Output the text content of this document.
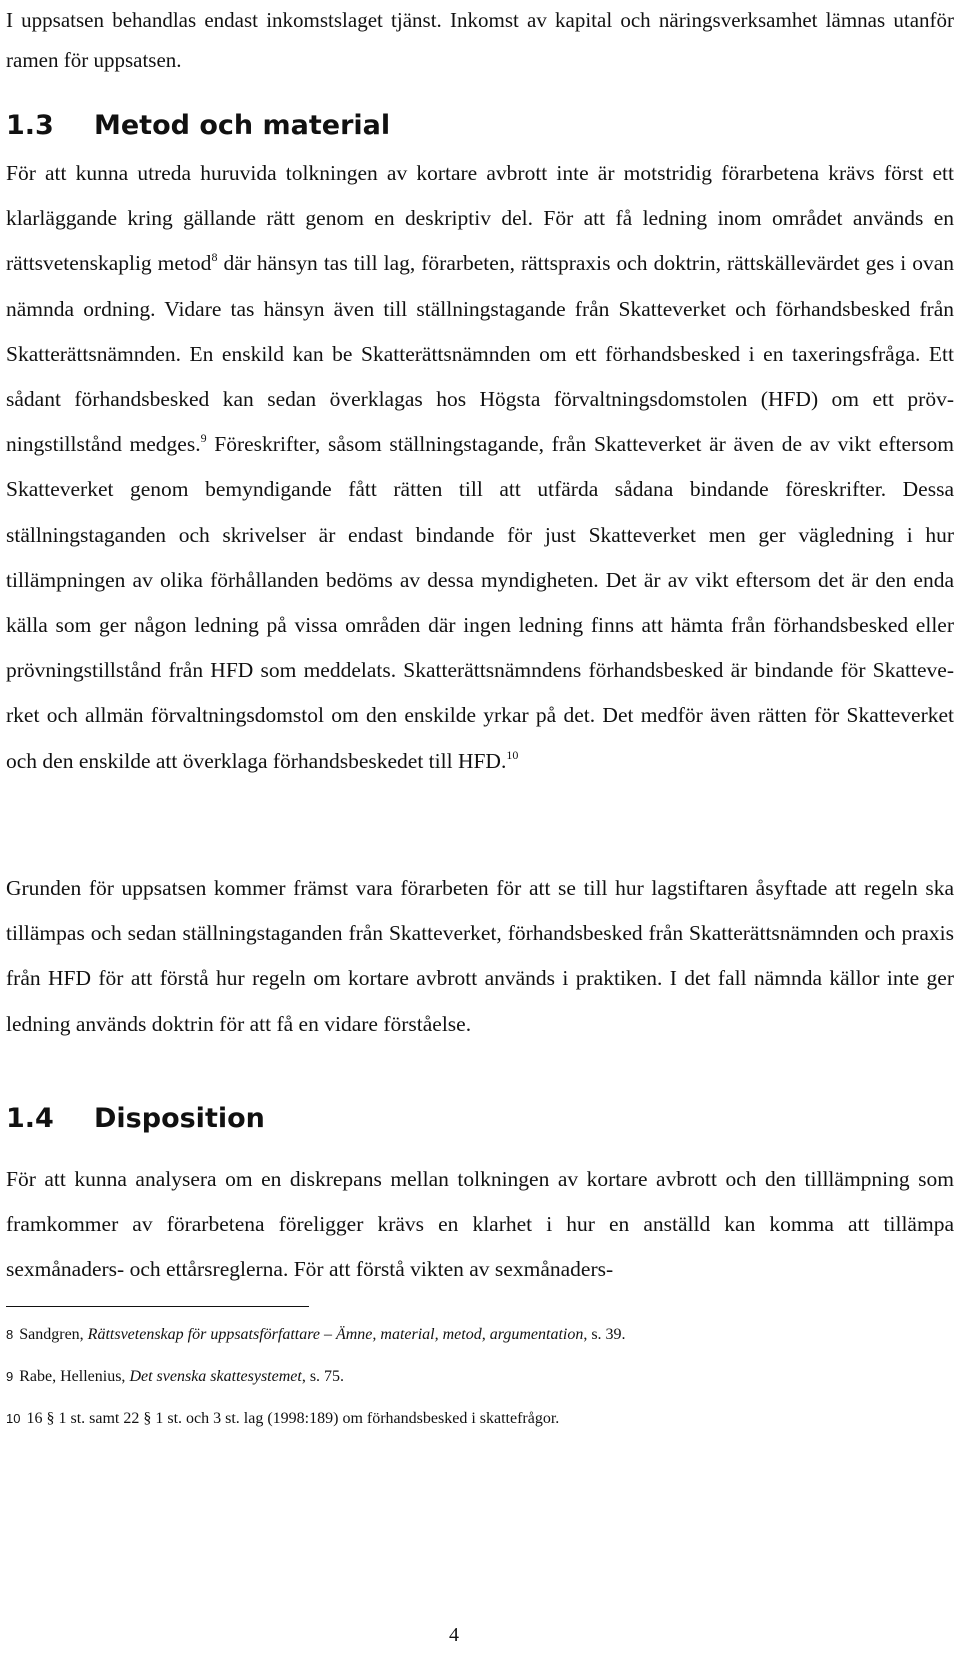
I uppsatsen behandlas endast inkomstslaget tjänst. Inkomst av kapital och näringsverksamhet lämnas utanför ramen för uppsatsen.

1.3 Metod och material

För att kunna utreda huruvida tolkningen av kortare avbrott inte är motstridig förarbetena krävs först ett klarläggande kring gällande rätt genom en deskriptiv del. För att få ledning inom området används en rättsvetenskaplig metod$^8$ där hänsyn tas till lag, förarbeten, rättspraxis och doktrin, rättskällevärdet ges i ovan nämnda ordning. Vidare tas hänsyn även till ställningstagande från Skatteverket och förhandsbesked från Skatterättsnämnden. En enskild kan be Skatterättsnämnden om ett förhandsbesked i en taxeringsfråga. Ett sådant förhandsbesked kan sedan överklagas hos Högsta förvaltningsdomstolen (HFD) om ett prövningstillstånd medges.$^9$ Föreskrifter, såsom ställningstagande, från Skatteverket är även de av vikt eftersom Skatteverket genom bemyndigande fått rätten till att utfärda sådana bindande föreskrifter. Dessa ställningstaganden och skrivelser är endast bindande för just Skatteverket men ger vägledning i hur tillämpningen av olika förhållanden bedöms av dessa myndigheten. Det är av vikt eftersom det är den enda källa som ger någon ledning på vissa områden där ingen ledning finns att hämta från förhandsbesked eller prövningstillstånd från HFD som meddelats. Skatterättsnämndens förhandsbesked är bindande för Skatteverket och allmän förvaltningsdomstol om den enskilde yrkar på det. Det medför även rätten för Skatteverket och den enskilde att överklaga förhandsbeskedet till HFD.$^{10}$

Grunden för uppsatsen kommer främst vara förarbeten för att se till hur lagstiftaren åsyftade att regeln ska tillämpas och sedan ställningstaganden från Skatteverket, förhandsbesked från Skatterättsnämnden och praxis från HFD för att förstå hur regeln om kortare avbrott används i praktiken. I det fall nämnda källor inte ger ledning används doktrin för att få en vidare förståelse.

1.4 Disposition

För att kunna analysera om en diskrepans mellan tolkningen av kortare avbrott och den tilllämpning som framkommer av förarbetena föreligger krävs en klarhet i hur en anställd kan komma att tillämpa sexmånaders- och ettårsreglerna. För att förstå vikten av sexmånaders-

8 Sandgren, Rättsvetenskap för uppsatsförfattare – Ämne, material, metod, argumentation, s. 39.

9 Rabe, Hellenius, Det svenska skattesystemet, s. 75.

10 16 § 1 st. samt 22 § 1 st. och 3 st. lag (1998:189) om förhandsbesked i skattefrågor.

4
